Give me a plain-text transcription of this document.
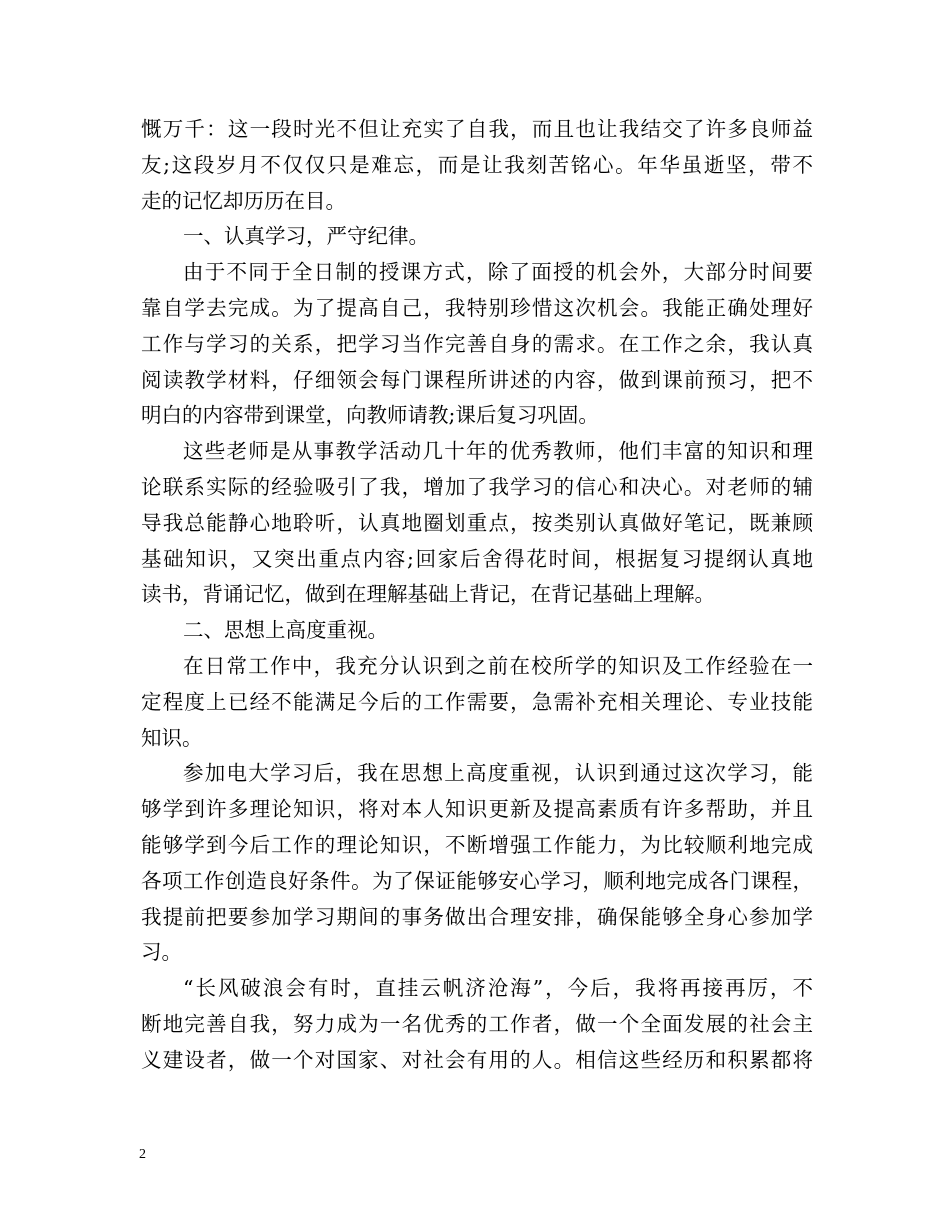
慨万千：这一段时光不但让充实了自我，而且也让我结交了许多良师益
友;这段岁月不仅仅只是难忘，而是让我刻苦铭心。年华虽逝坚，带不
走的记忆却历历在目。
一、认真学习，严守纪律。
由于不同于全日制的授课方式，除了面授的机会外，大部分时间要
靠自学去完成。为了提高自己，我特别珍惜这次机会。我能正确处理好
工作与学习的关系，把学习当作完善自身的需求。在工作之余，我认真
阅读教学材料，仔细领会每门课程所讲述的内容，做到课前预习，把不
明白的内容带到课堂，向教师请教;课后复习巩固。
这些老师是从事教学活动几十年的优秀教师，他们丰富的知识和理
论联系实际的经验吸引了我，增加了我学习的信心和决心。对老师的辅
导我总能静心地聆听，认真地圈划重点，按类别认真做好笔记，既兼顾
基础知识，又突出重点内容;回家后舍得花时间，根据复习提纲认真地
读书，背诵记忆，做到在理解基础上背记，在背记基础上理解。
二、思想上高度重视。
在日常工作中，我充分认识到之前在校所学的知识及工作经验在一
定程度上已经不能满足今后的工作需要，急需补充相关理论、专业技能
知识。
参加电大学习后，我在思想上高度重视，认识到通过这次学习，能
够学到许多理论知识，将对本人知识更新及提高素质有许多帮助，并且
能够学到今后工作的理论知识，不断增强工作能力，为比较顺利地完成
各项工作创造良好条件。为了保证能够安心学习，顺利地完成各门课程，
我提前把要参加学习期间的事务做出合理安排，确保能够全身心参加学
习。
“长风破浪会有时，直挂云帆济沧海”，今后，我将再接再厉，不
断地完善自我，努力成为一名优秀的工作者，做一个全面发展的社会主
义建设者，做一个对国家、对社会有用的人。相信这些经历和积累都将
2
